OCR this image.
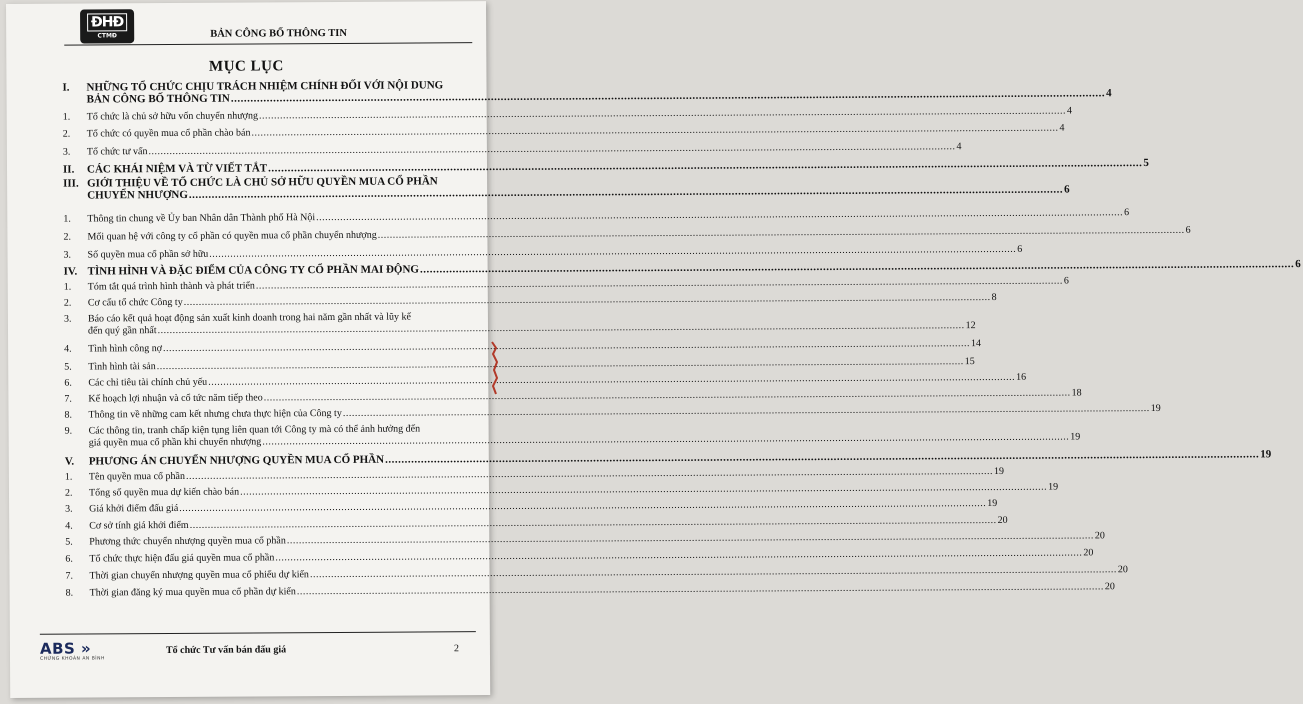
ĐHĐ
CTMĐ	BẢN CÔNG BỐ THÔNG TIN
MỤC LỤC
I.	NHỮNG TỔ CHỨC CHỊU TRÁCH NHIỆM CHÍNH ĐỐI VỚI NỘI DUNG
BẢN CÔNG BỐ THÔNG TIN .....	4
1.	Tổ chức là chủ sở hữu vốn chuyển nhượng .....	4
2.	Tổ chức có quyền mua cổ phần chào bán .....	4
3.	Tổ chức tư vấn .....	4
II.	CÁC KHÁI NIỆM VÀ TỪ VIẾT TẮT .....	5
III. GIỚI THIỆU VỀ TỔ CHỨC LÀ CHỦ SỞ HỮU QUYỀN MUA CỔ PHẦN
CHUYỂN NHƯỢNG .....	6
1.	Thông tin chung về Ủy ban Nhân dân Thành phố Hà Nội .....	6
2.	Mối quan hệ với công ty cổ phần có quyền mua cổ phần chuyển nhượng .....	6
3.	Số quyền mua cổ phần sở hữu .....	6
IV. TÌNH HÌNH VÀ ĐẶC ĐIỂM CỦA CÔNG TY CỔ PHẦN MAI ĐỘNG .....	6
1.	Tóm tắt quá trình hình thành và phát triển .....	6
2.	Cơ cấu tổ chức Công ty .....	8
3.	Báo cáo kết quả hoạt động sản xuất kinh doanh trong hai năm gần nhất và lũy kế
đến quý gần nhất .....	12
4.	Tình hình công nợ .....	14
5.	Tình hình tài sản .....	15
6.	Các chỉ tiêu tài chính chủ yếu .....	16
7.	Kế hoạch lợi nhuận và cổ tức năm tiếp theo .....	18
8.	Thông tin về những cam kết nhưng chưa thực hiện của Công ty .....	19
9.	Các thông tin, tranh chấp kiện tụng liên quan tới Công ty mà có thể ảnh hưởng đến
giá quyền mua cổ phần khi chuyển nhượng .....	19
V.	PHƯƠNG ÁN CHUYỂN NHƯỢNG QUYỀN MUA CỔ PHẦN .....	19
1.	Tên quyền mua cổ phần .....	19
2.	Tổng số quyền mua dự kiến chào bán .....	19
3.	Giá khởi điểm đấu giá .....	19
4.	Cơ sở tính giá khởi điểm .....	20
5.	Phương thức chuyển nhượng quyền mua cổ phần .....	20
6.	Tổ chức thực hiện đấu giá quyền mua cổ phần .....	20
7.	Thời gian chuyển nhượng quyền mua cổ phiếu dự kiến .....	20
8.	Thời gian đăng ký mua quyền mua cổ phần dự kiến .....	20
ABS »
CHỨNG KHOÁN AN BÌNH
Tổ chức Tư vấn bán đấu giá	2
